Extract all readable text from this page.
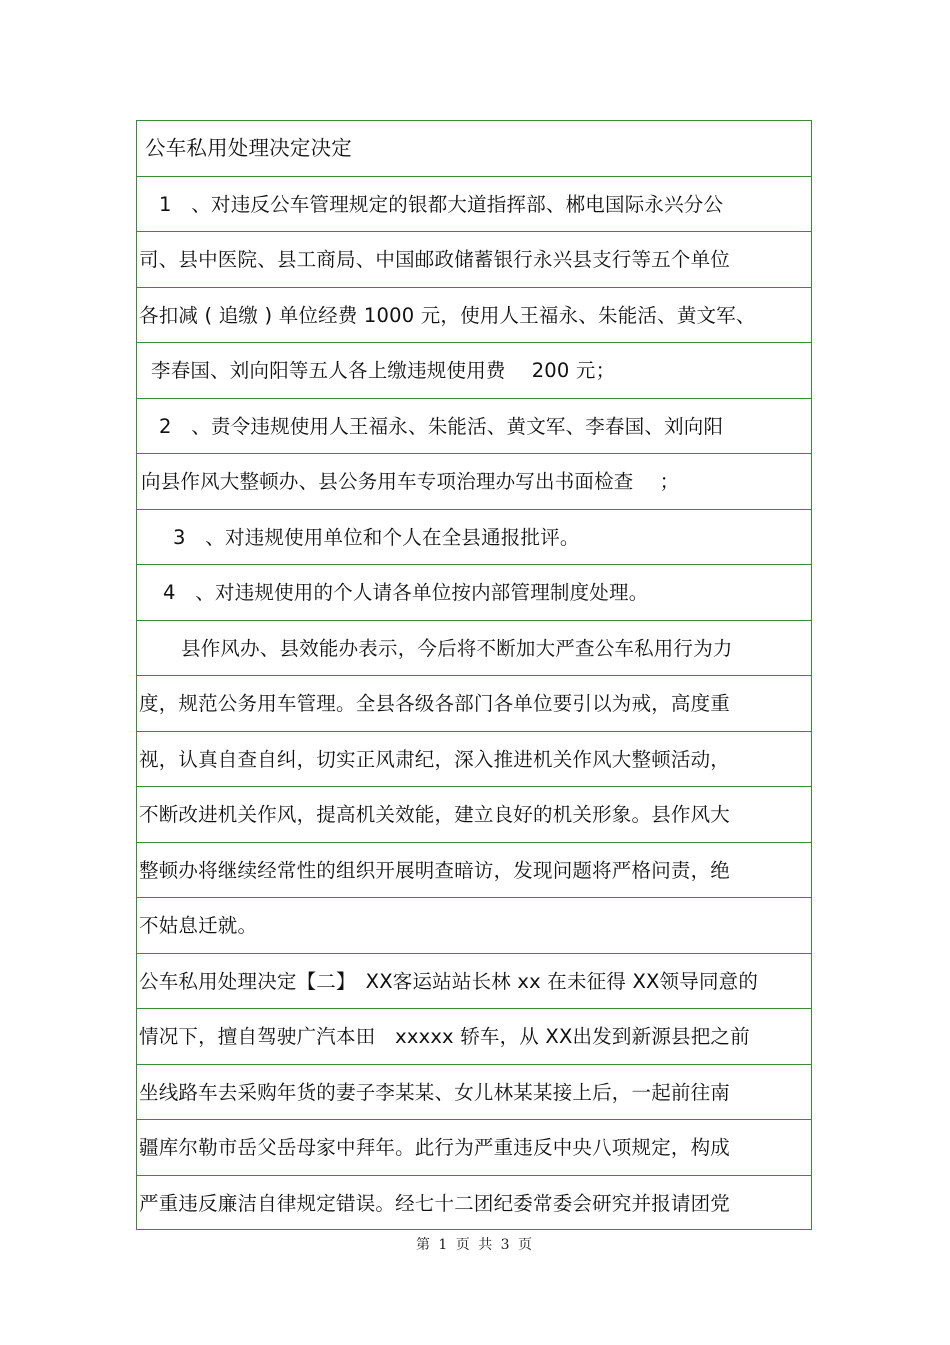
公车私用处理决定决定
1　、对违反公车管理规定的银都大道指挥部、郴电国际永兴分公
司、县中医院、县工商局、中国邮政储蓄银行永兴县支行等五个单位
各扣减 ( 追缴 ) 单位经费 1000 元，使用人王福永、朱能活、黄文军、
李春国、刘向阳等五人各上缴违规使用费　 200 元；
2　、责令违规使用人王福永、朱能活、黄文军、李春国、刘向阳
向县作风大整顿办、县公务用车专项治理办写出书面检查　 ；
3　、对违规使用单位和个人在全县通报批评。
4　、对违规使用的个人请各单位按内部管理制度处理。
县作风办、县效能办表示，今后将不断加大严查公车私用行为力
度，规范公务用车管理。全县各级各部门各单位要引以为戒，高度重
视，认真自查自纠，切实正风肃纪，深入推进机关作风大整顿活动，
不断改进机关作风，提高机关效能，建立良好的机关形象。县作风大
整顿办将继续经常性的组织开展明查暗访，发现问题将严格问责，绝
不姑息迁就。
公车私用处理决定【二】　XX客运站站长林 xx 在未征得 XX领导同意的
情况下，擅自驾驶广汽本田　xxxxx 轿车，从 XX出发到新源县把之前
坐线路车去采购年货的妻子李某某、女儿林某某接上后，一起前往南
疆库尔勒市岳父岳母家中拜年。此行为严重违反中央八项规定，构成
严重违反廉洁自律规定错误。经七十二团纪委常委会研究并报请团党
第 1 页 共 3 页
